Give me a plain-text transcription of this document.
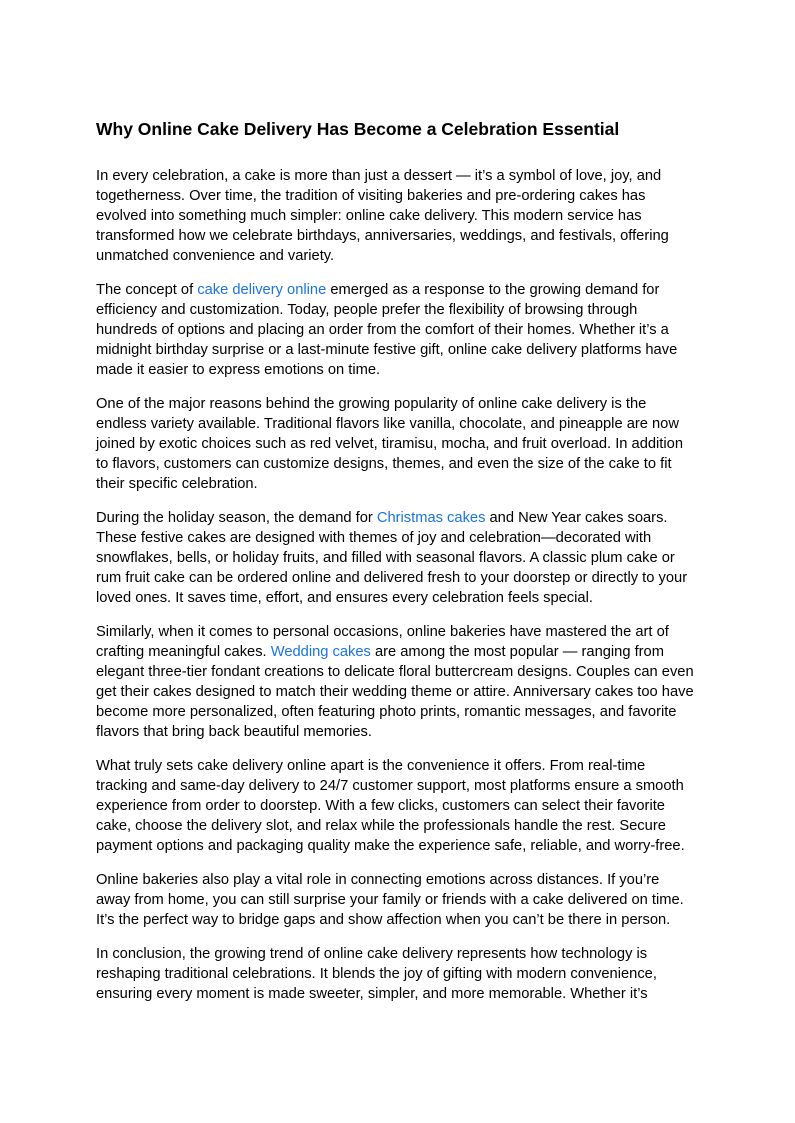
Why Online Cake Delivery Has Become a Celebration Essential

In every celebration, a cake is more than just a dessert — it’s a symbol of love, joy, and togetherness. Over time, the tradition of visiting bakeries and pre-ordering cakes has evolved into something much simpler: online cake delivery. This modern service has transformed how we celebrate birthdays, anniversaries, weddings, and festivals, offering unmatched convenience and variety.

The concept of cake delivery online emerged as a response to the growing demand for efficiency and customization. Today, people prefer the flexibility of browsing through hundreds of options and placing an order from the comfort of their homes. Whether it’s a midnight birthday surprise or a last-minute festive gift, online cake delivery platforms have made it easier to express emotions on time.

One of the major reasons behind the growing popularity of online cake delivery is the endless variety available. Traditional flavors like vanilla, chocolate, and pineapple are now joined by exotic choices such as red velvet, tiramisu, mocha, and fruit overload. In addition to flavors, customers can customize designs, themes, and even the size of the cake to fit their specific celebration.

During the holiday season, the demand for Christmas cakes and New Year cakes soars. These festive cakes are designed with themes of joy and celebration—decorated with snowflakes, bells, or holiday fruits, and filled with seasonal flavors. A classic plum cake or rum fruit cake can be ordered online and delivered fresh to your doorstep or directly to your loved ones. It saves time, effort, and ensures every celebration feels special.

Similarly, when it comes to personal occasions, online bakeries have mastered the art of crafting meaningful cakes. Wedding cakes are among the most popular — ranging from elegant three-tier fondant creations to delicate floral buttercream designs. Couples can even get their cakes designed to match their wedding theme or attire. Anniversary cakes too have become more personalized, often featuring photo prints, romantic messages, and favorite flavors that bring back beautiful memories.

What truly sets cake delivery online apart is the convenience it offers. From real-time tracking and same-day delivery to 24/7 customer support, most platforms ensure a smooth experience from order to doorstep. With a few clicks, customers can select their favorite cake, choose the delivery slot, and relax while the professionals handle the rest. Secure payment options and packaging quality make the experience safe, reliable, and worry-free.

Online bakeries also play a vital role in connecting emotions across distances. If you’re away from home, you can still surprise your family or friends with a cake delivered on time. It’s the perfect way to bridge gaps and show affection when you can’t be there in person.

In conclusion, the growing trend of online cake delivery represents how technology is reshaping traditional celebrations. It blends the joy of gifting with modern convenience, ensuring every moment is made sweeter, simpler, and more memorable. Whether it’s
